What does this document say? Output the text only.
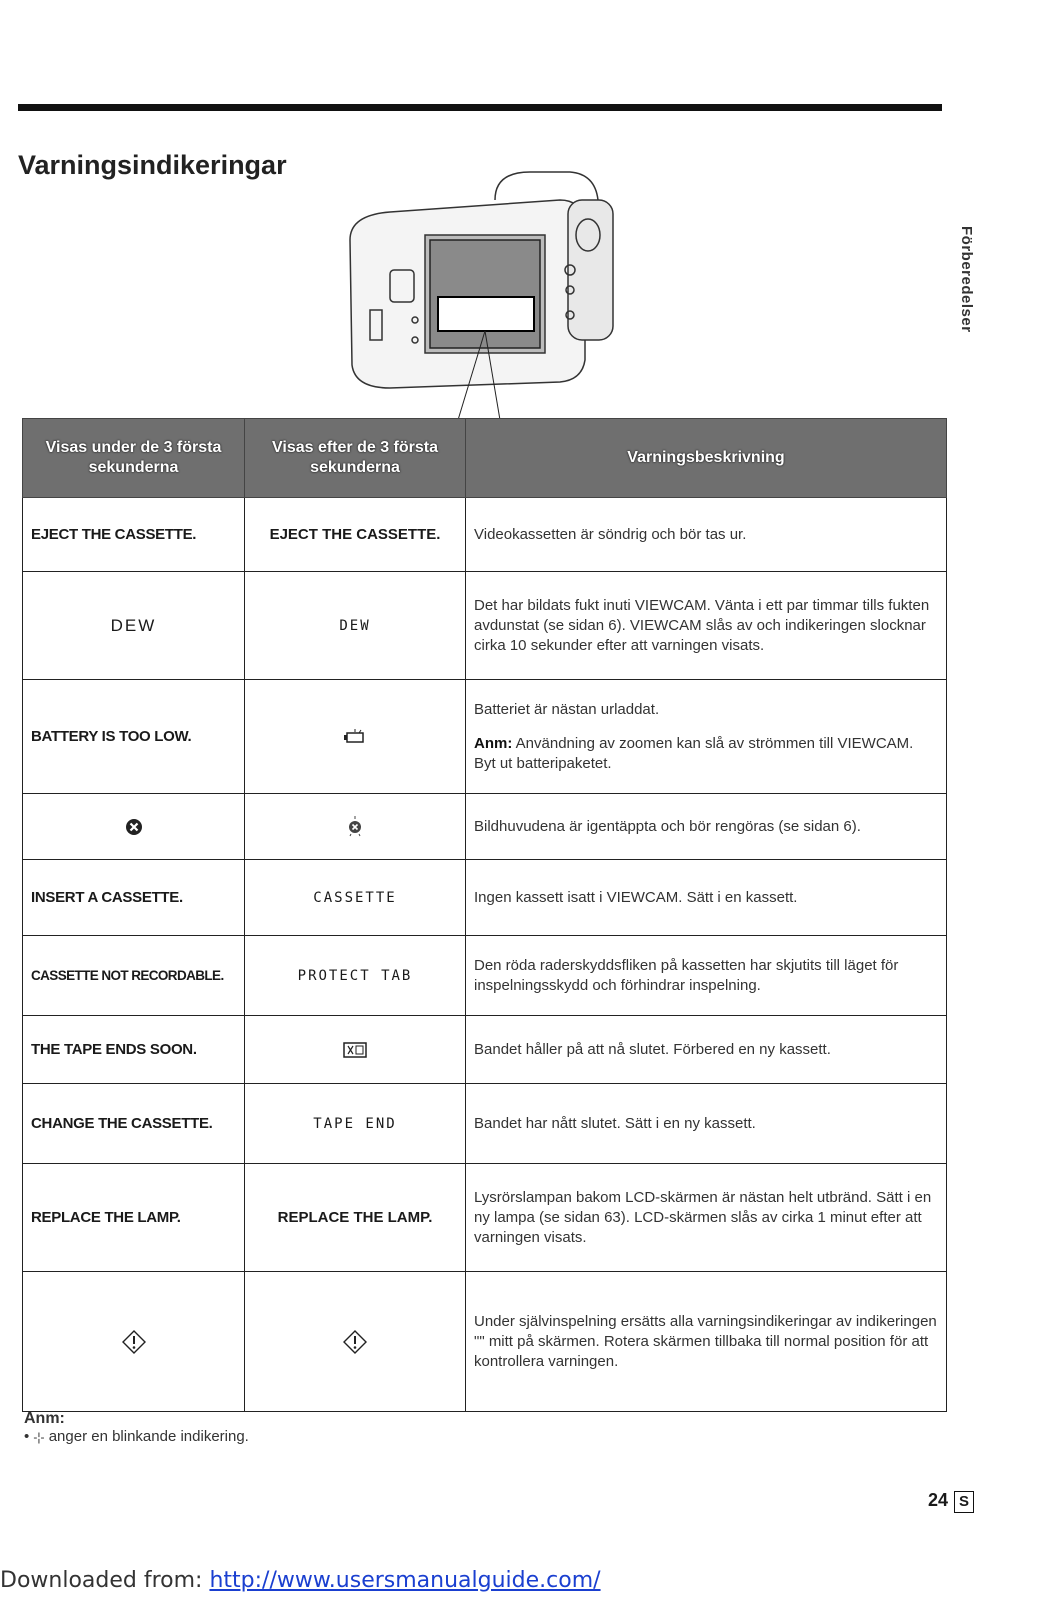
Varningsindikeringar
Förberedelser
Visas under de 3 första sekunderna	Visas efter de 3 första sekunderna	Varningsbeskrivning
EJECT THE CASSETTE.	EJECT THE CASSETTE.	Videokassetten är söndrig och bör tas ur.
DEW	DEW	Det har bildats fukt inuti VIEWCAM. Vänta i ett par timmar tills fukten avdunstat (se sidan 6). VIEWCAM slås av och indikeringen slocknar cirka 10 sekunder efter att varningen visats.
BATTERY IS TOO LOW.		Batteriet är nästan urladdat.
Anm: Användning av zoomen kan slå av strömmen till VIEWCAM. Byt ut batteripaketet.

		Bildhuvudena är igentäppta och bör rengöras (se sidan 6).
INSERT A CASSETTE.	CASSETTE	Ingen kassett isatt i VIEWCAM. Sätt i en kassett.
CASSETTE NOT RECORDABLE.	PROTECT TAB	Den röda raderskyddsfliken på kassetten har skjutits till läget för inspelningsskydd och förhindrar inspelning.
THE TAPE ENDS SOON.		Bandet håller på att nå slutet. Förbered en ny kassett.
CHANGE THE CASSETTE.	TAPE END	Bandet har nått slutet. Sätt i en ny kassett.
REPLACE THE LAMP.	REPLACE THE LAMP.	Lysrörslampan bakom LCD-skärmen är nästan helt utbränd. Sätt i en ny lampa (se sidan 63). LCD-skärmen slås av cirka 1 minut efter att varningen visats.
		Under självinspelning ersätts alla varningsindikeringar av indikeringen "" mitt på skärmen. Rotera skärmen tillbaka till normal position för att kontrollera varningen.
Anm:
• -¦- anger en blinkande indikering.
24 S
Downloaded from: http://www.usersmanualguide.com/
